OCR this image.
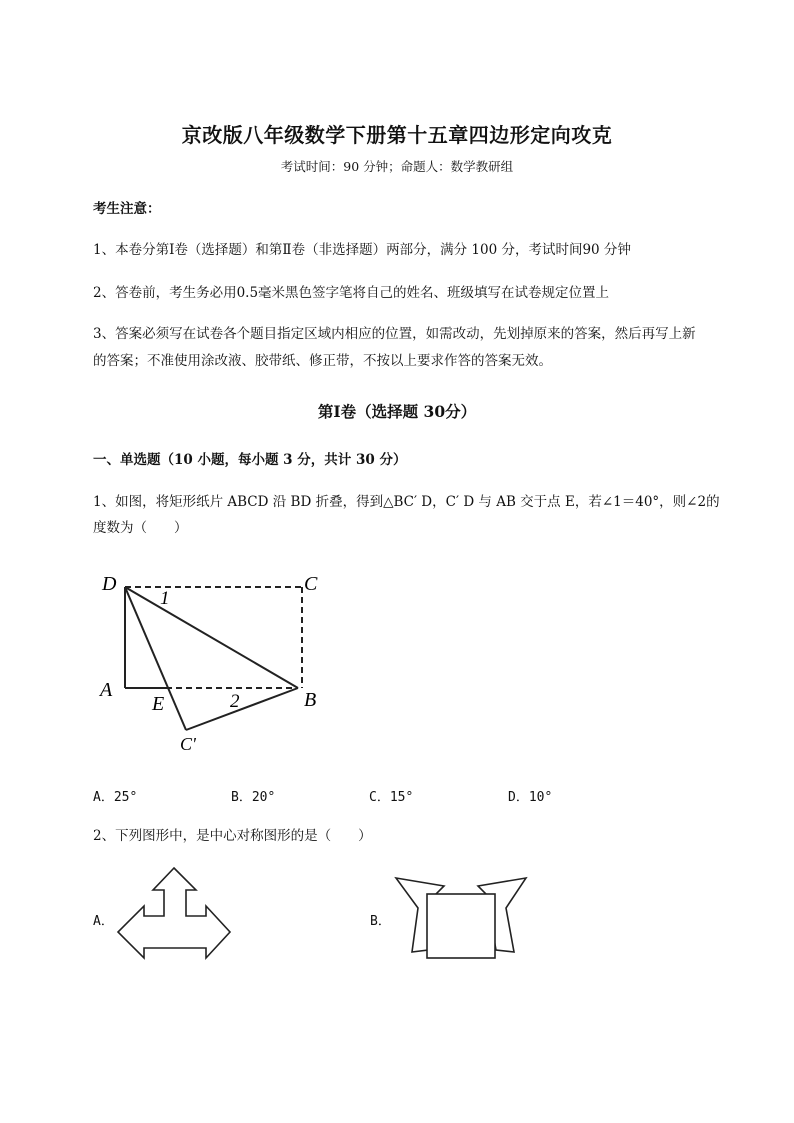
京改版八年级数学下册第十五章四边形定向攻克
考试时间：90 分钟；命题人：数学教研组
考生注意：
1、本卷分第I卷（选择题）和第Ⅱ卷（非选择题）两部分，满分 100 分，考试时间90 分钟
2、答卷前，考生务必用0.5毫米黑色签字笔将自己的姓名、班级填写在试卷规定位置上
3、答案必须写在试卷各个题目指定区域内相应的位置，如需改动，先划掉原来的答案，然后再写上新
的答案；不准使用涂改液、胶带纸、修正带，不按以上要求作答的答案无效。
第I卷（选择题 30分）
一、单选题（10 小题，每小题 3 分，共计 30 分）
1、如图，将矩形纸片 ABCD 沿 BD 折叠，得到△BC′ D，C′ D 与 AB 交于点 E，若∠1＝40°，则∠2的
度数为（　　）
D	C
A
E	B
C'
1
2
A．25°	B．20°	C．15°	D．10°
2、下列图形中，是中心对称图形的是（　　）
A．	B．
